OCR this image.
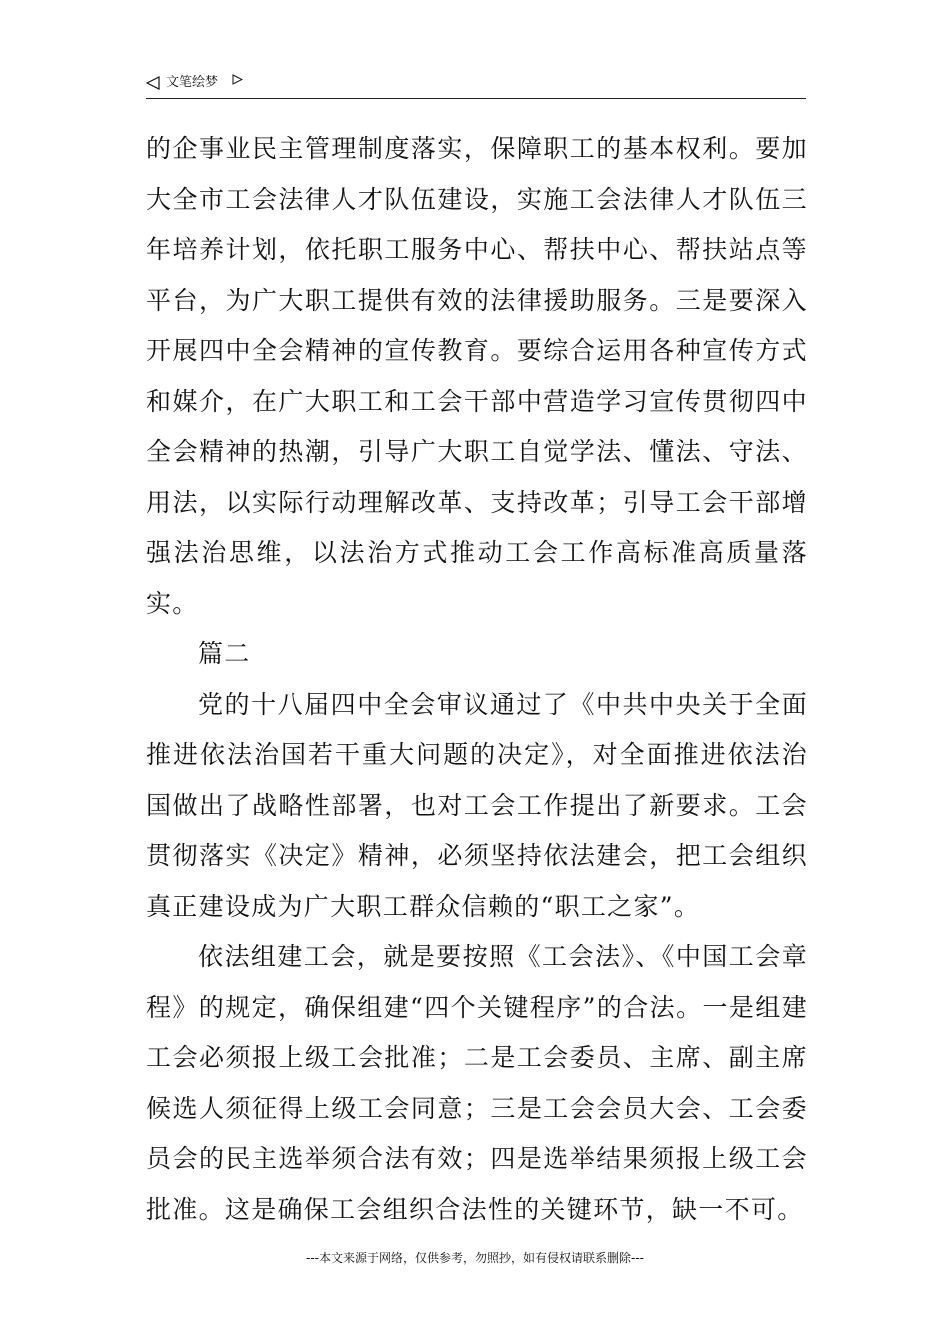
文笔绘梦

的企事业民主管理制度落实，保障职工的基本权利。要加大全市工会法律人才队伍建设，实施工会法律人才队伍三年培养计划，依托职工服务中心、帮扶中心、帮扶站点等平台，为广大职工提供有效的法律援助服务。三是要深入开展四中全会精神的宣传教育。要综合运用各种宣传方式和媒介，在广大职工和工会干部中营造学习宣传贯彻四中全会精神的热潮，引导广大职工自觉学法、懂法、守法、用法，以实际行动理解改革、支持改革；引导工会干部增强法治思维，以法治方式推动工会工作高标准高质量落实。

篇二

党的十八届四中全会审议通过了《中共中央关于全面推进依法治国若干重大问题的决定》，对全面推进依法治国做出了战略性部署，也对工会工作提出了新要求。工会贯彻落实《决定》精神，必须坚持依法建会，把工会组织真正建设成为广大职工群众信赖的“职工之家”。

依法组建工会，就是要按照《工会法》、《中国工会章程》的规定，确保组建“四个关键程序”的合法。一是组建工会必须报上级工会批准；二是工会委员、主席、副主席候选人须征得上级工会同意；三是工会会员大会、工会委员会的民主选举须合法有效；四是选举结果须报上级工会批准。这是确保工会组织合法性的关键环节，缺一不可。

---本文来源于网络，仅供参考，勿照抄，如有侵权请联系删除---
